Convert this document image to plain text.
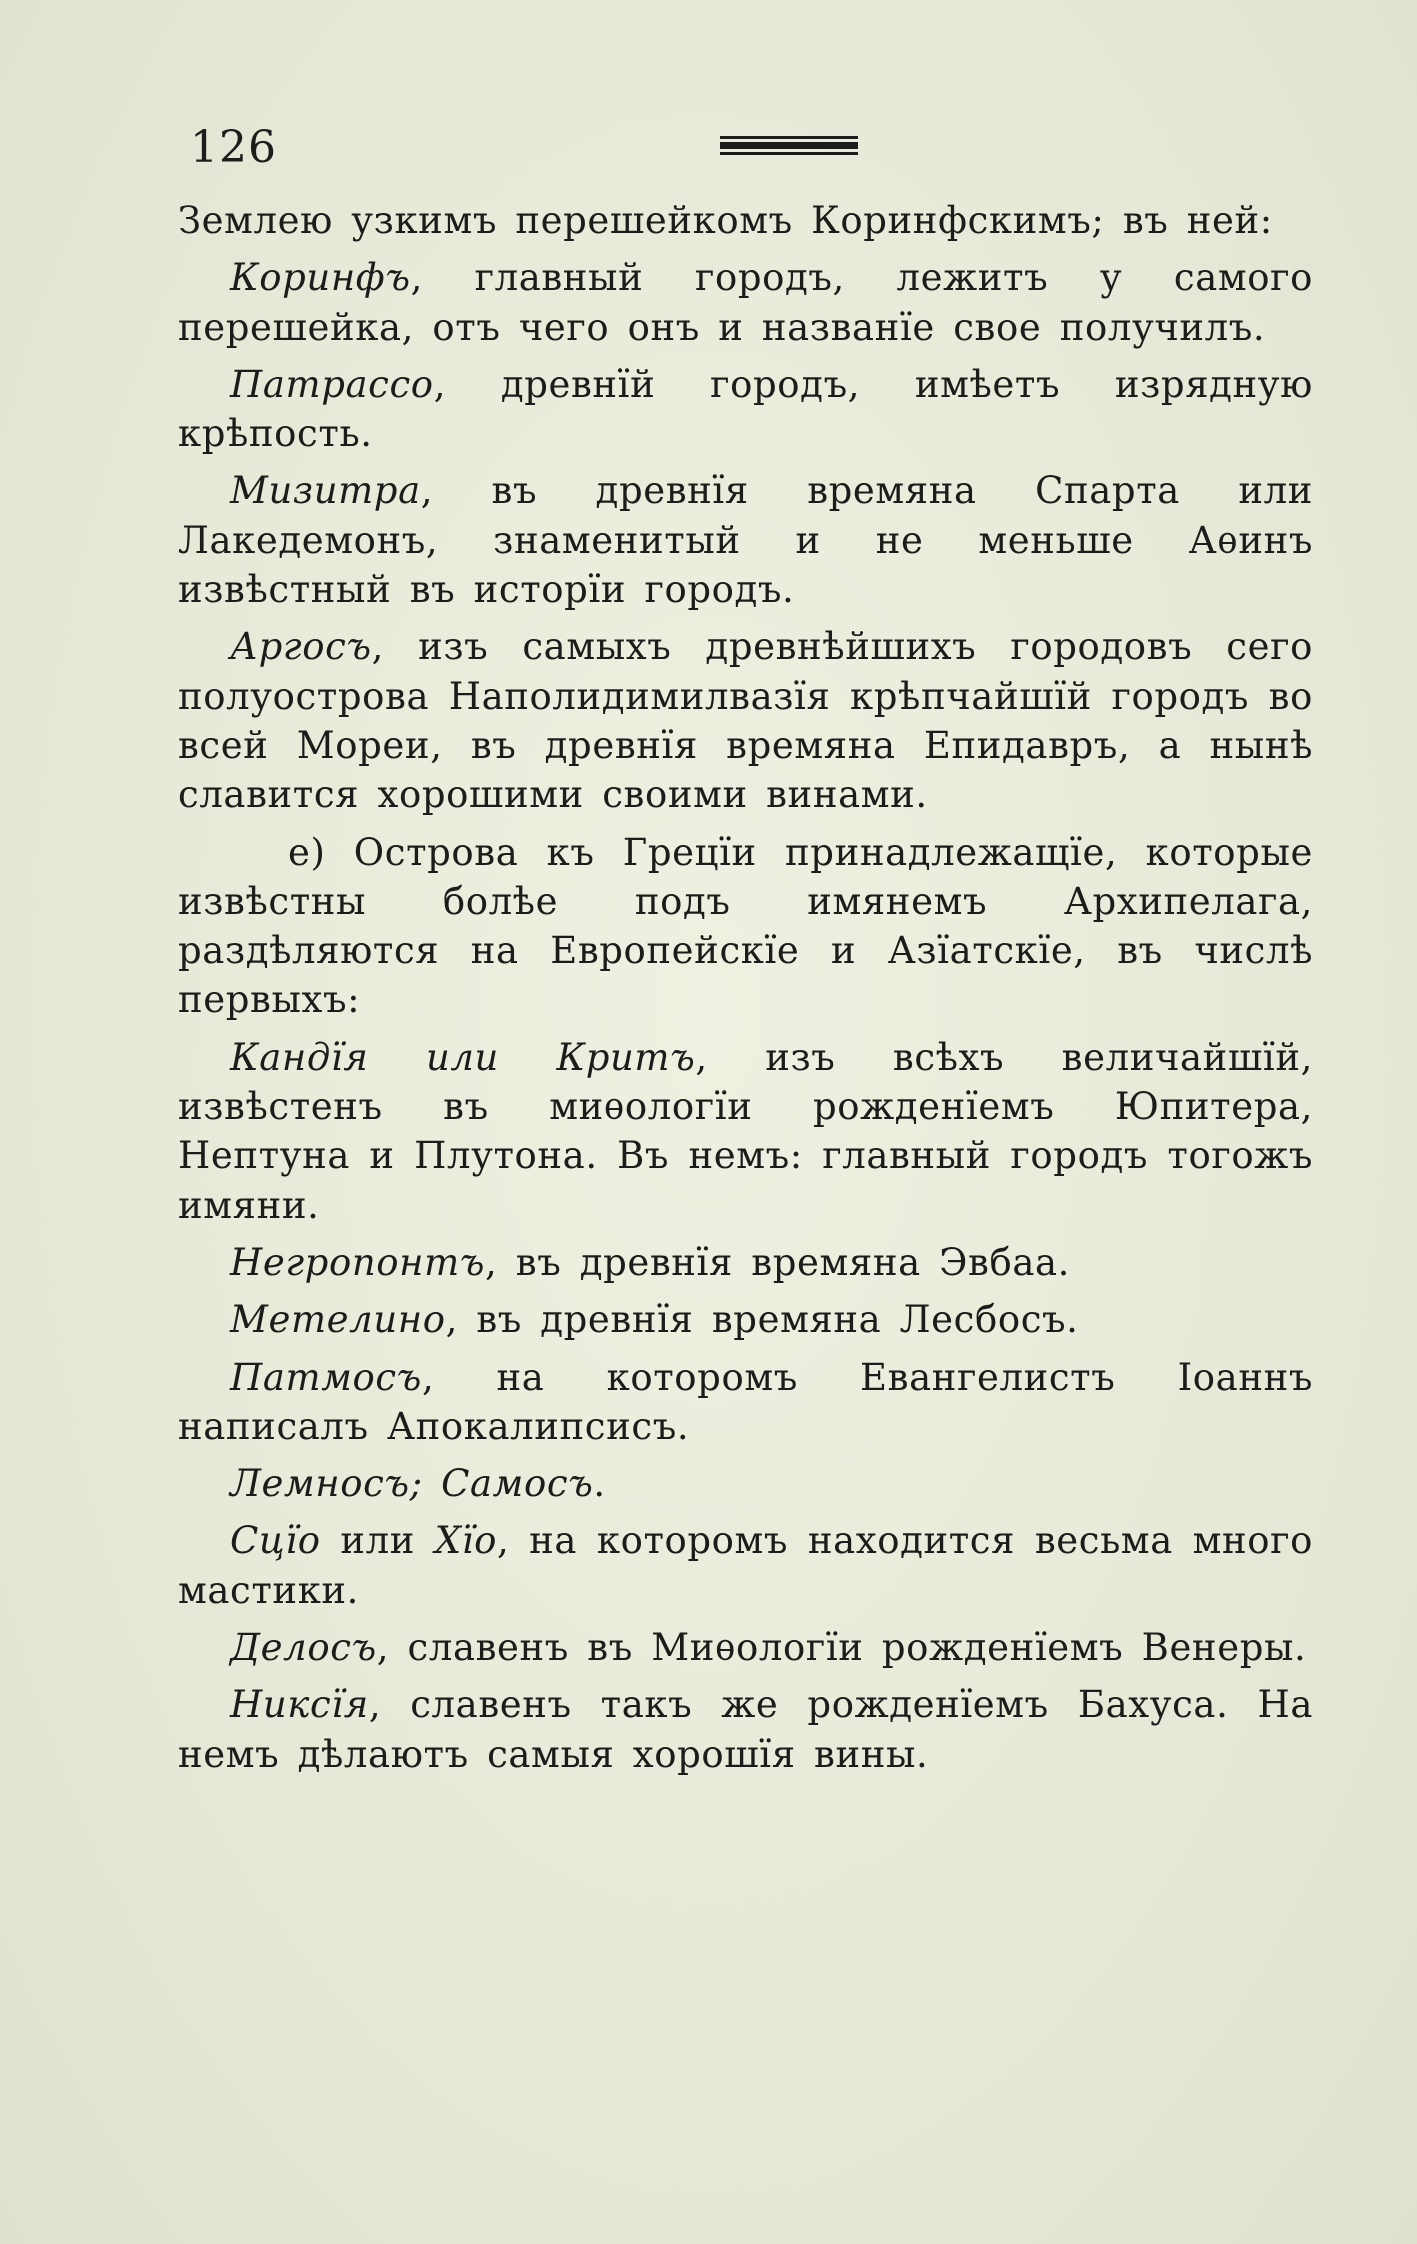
126

Землею узкимъ перешейкомъ Коринфскимъ; въ ней:

Коринфъ, главный городъ, лежитъ у самого перешейка, отъ чего онъ и названïе свое получилъ.

Патрассо, древнïй городъ, имѣетъ изрядную крѣпость.

Мизитра, въ древнïя времяна Спарта или Лакедемонъ, знаменитый и не меньше Аѳинъ извѣстный въ исторïи городъ.

Аргосъ, изъ самыхъ древнѣйшихъ городовъ сего полуострова Наполидимилвазïя крѣпчайшïй городъ во всей Мореи, въ древнïя времяна Епидавръ, а нынѣ славится хорошими своими винами.

е) Острова къ Грецïи принадлежащïе, которые извѣстны болѣе подъ имянемъ Архипелага, раздѣляются на Европейскïе и Азïатскïе, въ числѣ первыхъ:

Кандïя или Критъ, изъ всѣхъ величайшïй, извѣстенъ въ миѳологïи рожденïемъ Юпитера, Нептуна и Плутона. Въ немъ: главный городъ тогожъ имяни.

Негропонтъ, въ древнïя времяна Эвбаа.

Метелино, въ древнïя времяна Лесбосъ.

Патмосъ, на которомъ Евангелистъ Iоаннъ написалъ Апокалипсисъ.

Лемносъ; Самосъ.

Сцïо или Хïо, на которомъ находится весьма много мастики.

Делосъ, славенъ въ Миѳологïи рожденïемъ Венеры.

Никсïя, славенъ такъ же рожденïемъ Бахуса. На немъ дѣлаютъ самыя хорошïя вины.
